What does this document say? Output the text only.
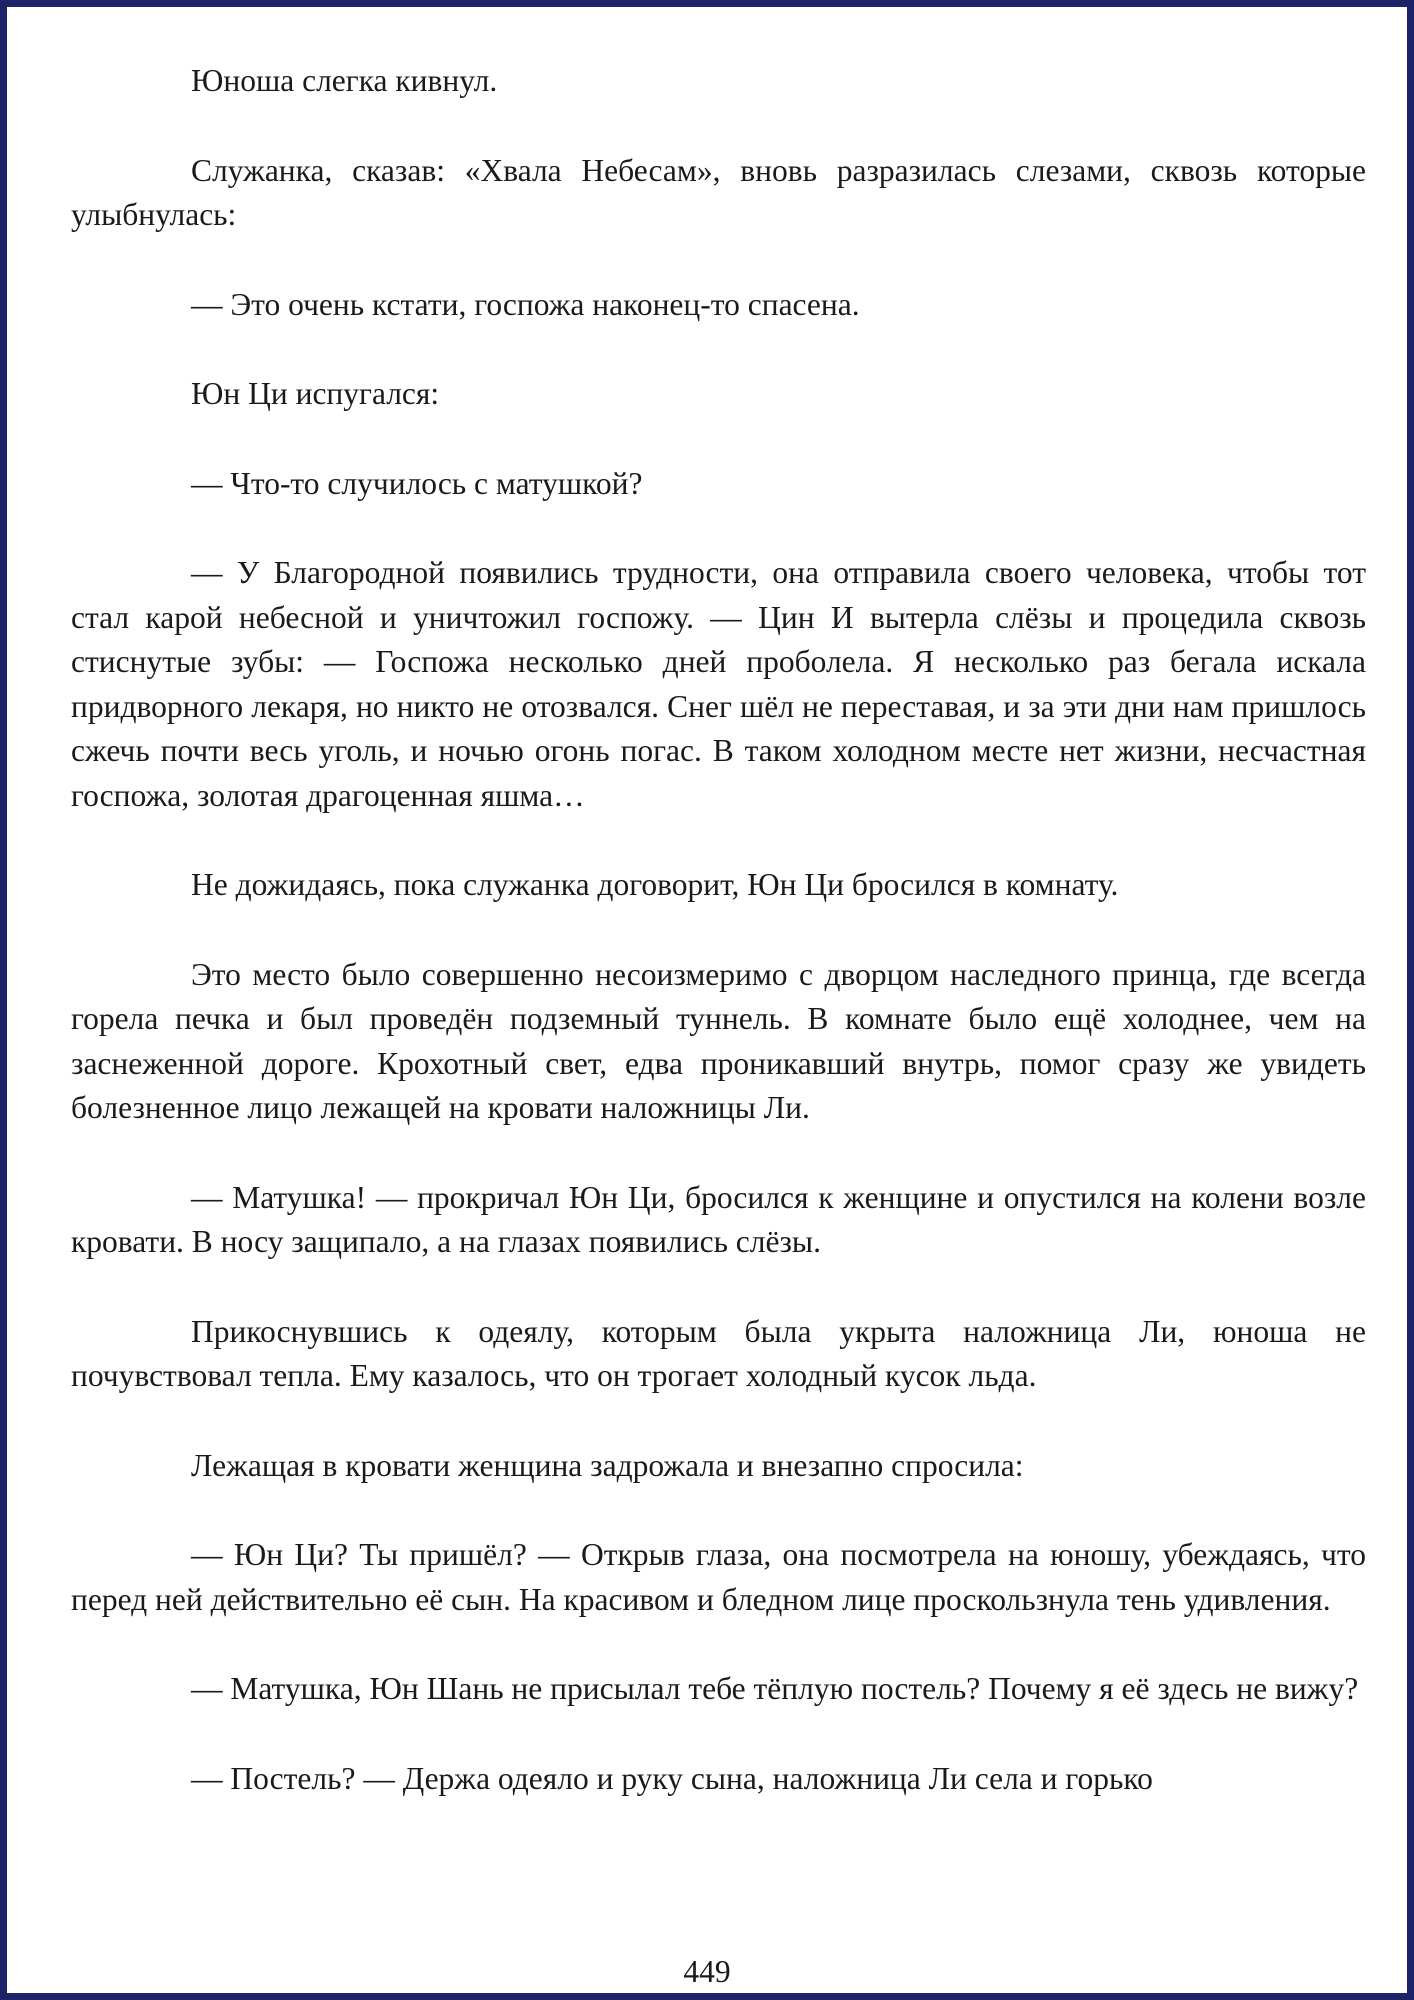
Юноша слегка кивнул.

Служанка, сказав: «Хвала Небесам», вновь разразилась слезами, сквозь которые улыбнулась:

— Это очень кстати, госпожа наконец-то спасена.

Юн Ци испугался:

— Что-то случилось с матушкой?

— У Благородной появились трудности, она отправила своего человека, чтобы тот стал карой небесной и уничтожил госпожу. — Цин И вытерла слёзы и процедила сквозь стиснутые зубы: — Госпожа несколько дней проболела. Я несколько раз бегала искала придворного лекаря, но никто не отозвался. Снег шёл не переставая, и за эти дни нам пришлось сжечь почти весь уголь, и ночью огонь погас. В таком холодном месте нет жизни, несчастная госпожа, золотая драгоценная яшма…

Не дожидаясь, пока служанка договорит, Юн Ци бросился в комнату.

Это место было совершенно несоизмеримо с дворцом наследного принца, где всегда горела печка и был проведён подземный туннель. В комнате было ещё холоднее, чем на заснеженной дороге. Крохотный свет, едва проникавший внутрь, помог сразу же увидеть болезненное лицо лежащей на кровати наложницы Ли.

— Матушка! — прокричал Юн Ци, бросился к женщине и опустился на колени возле кровати. В носу защипало, а на глазах появились слёзы.

Прикоснувшись к одеялу, которым была укрыта наложница Ли, юноша не почувствовал тепла. Ему казалось, что он трогает холодный кусок льда.

Лежащая в кровати женщина задрожала и внезапно спросила:

— Юн Ци? Ты пришёл? — Открыв глаза, она посмотрела на юношу, убеждаясь, что перед ней действительно её сын. На красивом и бледном лице проскользнула тень удивления.

— Матушка, Юн Шань не присылал тебе тёплую постель? Почему я её здесь не вижу?

— Постель? — Держа одеяло и руку сына, наложница Ли села и горько

449
